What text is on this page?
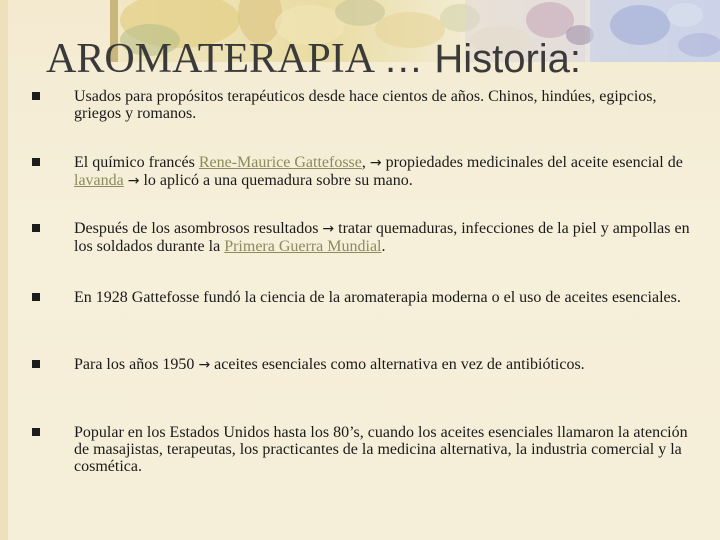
AROMATERAPIA … Historia:
Usados para propósitos terapéuticos desde hace cientos de años. Chinos, hindúes, egipcios, griegos y romanos.
El químico francés Rene-Maurice Gattefosse, → propiedades medicinales del aceite esencial de lavanda → lo aplicó a una quemadura sobre su mano.
Después de los asombrosos resultados → tratar quemaduras, infecciones de la piel y ampollas en los soldados durante la Primera Guerra Mundial.
En 1928 Gattefosse fundó la ciencia de la aromaterapia moderna o el uso de aceites esenciales.
Para los años 1950 → aceites esenciales como alternativa en vez de antibióticos.
Popular en los Estados Unidos hasta los 80’s, cuando los aceites esenciales llamaron la atención de masajistas, terapeutas, los practicantes de la medicina alternativa, la industria comercial y la cosmética.
